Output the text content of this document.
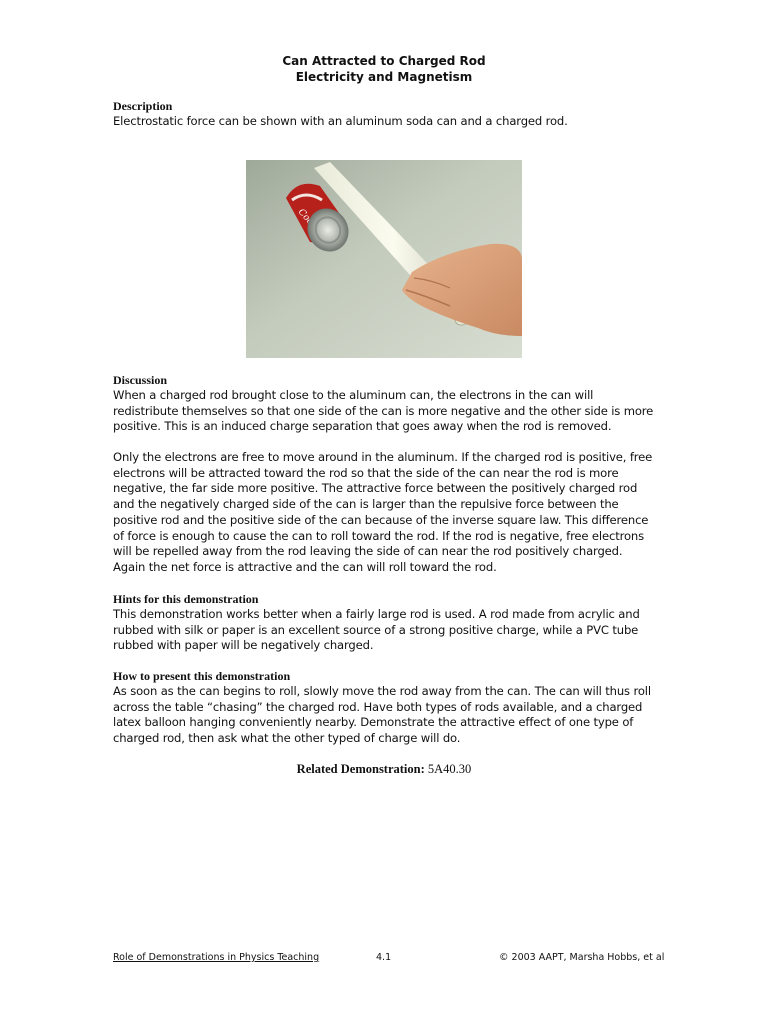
Can Attracted to Charged Rod
Electricity and Magnetism
Description
Electrostatic force can be shown with an aluminum soda can and a charged rod.
Discussion
When a charged rod brought close to the aluminum can, the electrons in the can will redistribute themselves so that one side of the can is more negative and the other side is more positive. This is an induced charge separation that goes away when the rod is removed.
Only the electrons are free to move around in the aluminum. If the charged rod is positive, free electrons will be attracted toward the rod so that the side of the can near the rod is more negative, the far side more positive. The attractive force between the positively charged rod and the negatively charged side of the can is larger than the repulsive force between the positive rod and the positive side of the can because of the inverse square law. This difference of force is enough to cause the can to roll toward the rod. If the rod is negative, free electrons will be repelled away from the rod leaving the side of can near the rod positively charged. Again the net force is attractive and the can will roll toward the rod.
Hints for this demonstration
This demonstration works better when a fairly large rod is used. A rod made from acrylic and rubbed with silk or paper is an excellent source of a strong positive charge, while a PVC tube rubbed with paper will be negatively charged.
How to present this demonstration
As soon as the can begins to roll, slowly move the rod away from the can. The can will thus roll across the table “chasing” the charged rod. Have both types of rods available, and a charged latex balloon hanging conveniently nearby. Demonstrate the attractive effect of one type of charged rod, then ask what the other typed of charge will do.
Related Demonstration: 5A40.30
Role of Demonstrations in Physics Teaching	4.1	© 2003 AAPT, Marsha Hobbs, et al
